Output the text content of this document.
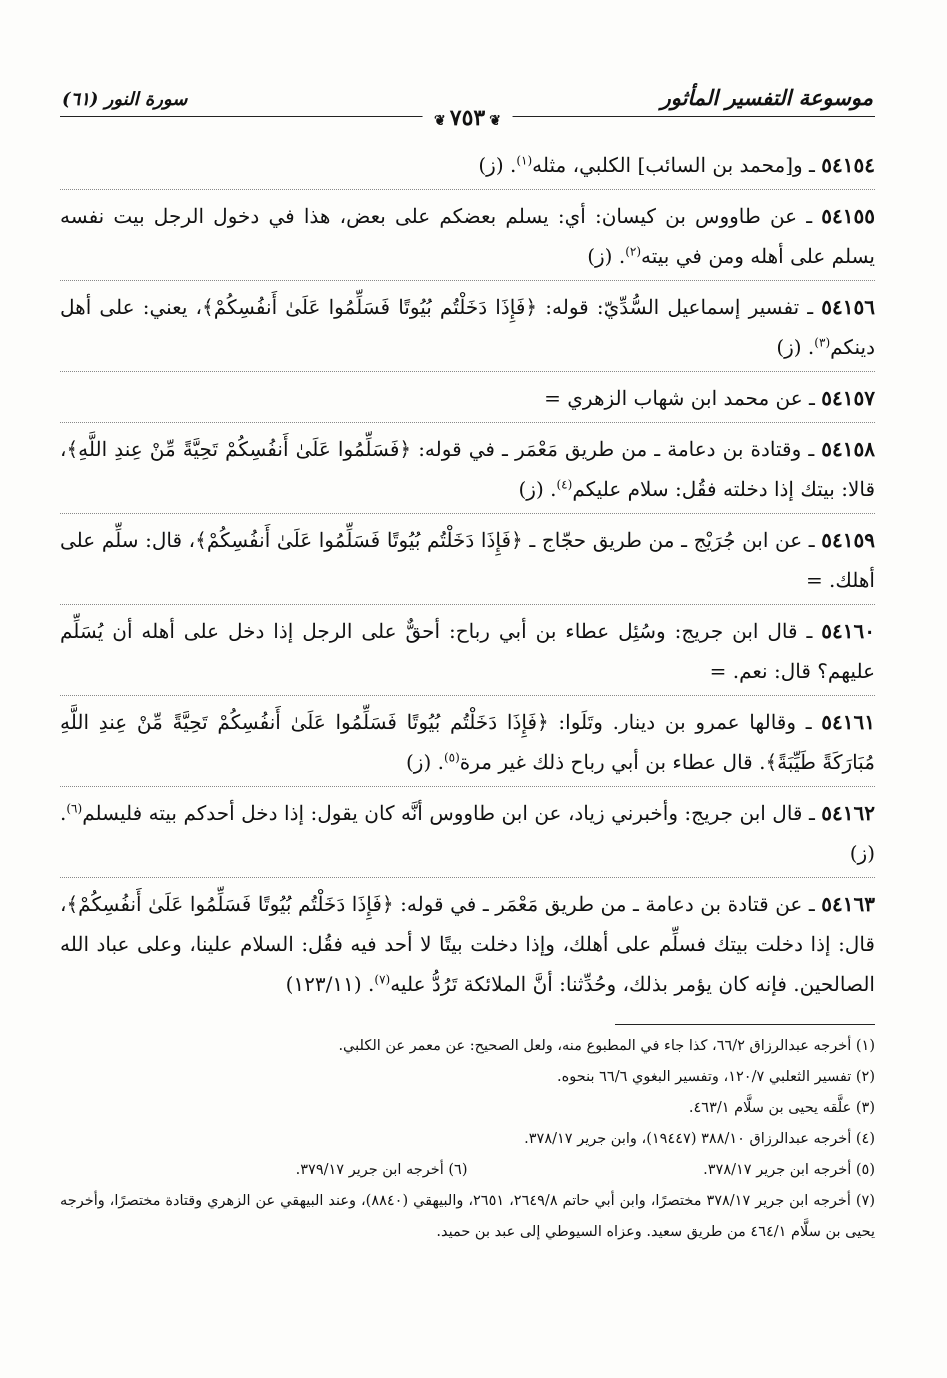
موسوعة التفسير المأثور
❦٧٥٣❦
سورة النور (٦١)
٥٤١٥٤ ـ و[محمد بن السائب] الكلبي، مثله$^{(١)}$. (ز)
٥٤١٥٥ ـ عن طاووس بن كيسان: أي: يسلم بعضكم على بعض، هذا في دخول الرجل بيت نفسه يسلم على أهله ومن في بيته$^{(٢)}$. (ز)
٥٤١٥٦ ـ تفسير إسماعيل السُّدِّيّ: قوله: ﴿فَإِذَا دَخَلْتُم بُيُوتًا فَسَلِّمُوا عَلَىٰ أَنفُسِكُمْ﴾، يعني: على أهل دينكم$^{(٣)}$. (ز)
٥٤١٥٧ ـ عن محمد ابن شهاب الزهري =
٥٤١٥٨ ـ وقتادة بن دعامة ـ من طريق مَعْمَر ـ في قوله: ﴿فَسَلِّمُوا عَلَىٰ أَنفُسِكُمْ تَحِيَّةً مِّنْ عِندِ اللَّهِ﴾، قالا: بيتك إذا دخلته فقُل: سلام عليكم$^{(٤)}$. (ز)
٥٤١٥٩ ـ عن ابن جُرَيْج ـ من طريق حجّاج ـ ﴿فَإِذَا دَخَلْتُم بُيُوتًا فَسَلِّمُوا عَلَىٰ أَنفُسِكُمْ﴾، قال: سلِّم على أهلك. =
٥٤١٦٠ ـ قال ابن جريج: وسُئِل عطاء بن أبي رباح: أحقٌّ على الرجل إذا دخل على أهله أن يُسَلِّم عليهم؟ قال: نعم. =
٥٤١٦١ ـ وقالها عمرو بن دينار. وتَلَوا: ﴿فَإِذَا دَخَلْتُم بُيُوتًا فَسَلِّمُوا عَلَىٰ أَنفُسِكُمْ تَحِيَّةً مِّنْ عِندِ اللَّهِ مُبَارَكَةً طَيِّبَةً﴾. قال عطاء بن أبي رباح ذلك غير مرة$^{(٥)}$. (ز)
٥٤١٦٢ ـ قال ابن جريج: وأخبرني زياد، عن ابن طاووس أنَّه كان يقول: إذا دخل أحدكم بيته فليسلم$^{(٦)}$. (ز)
٥٤١٦٣ ـ عن قتادة بن دعامة ـ من طريق مَعْمَر ـ في قوله: ﴿فَإِذَا دَخَلْتُم بُيُوتًا فَسَلِّمُوا عَلَىٰ أَنفُسِكُمْ﴾، قال: إذا دخلت بيتك فسلِّم على أهلك، وإذا دخلت بيتًا لا أحد فيه فقُل: السلام علينا، وعلى عباد الله الصالحين. فإنه كان يؤمر بذلك، وحُدِّثنا: أنَّ الملائكة تَرُدُّ عليه$^{(٧)}$. (١٢٣/١١)
(١) أخرجه عبدالرزاق ٦٦/٢، كذا جاء في المطبوع منه، ولعل الصحيح: عن معمر عن الكلبي.
(٢) تفسير الثعلبي ١٢٠/٧، وتفسير البغوي ٦٦/٦ بنحوه.
(٣) علَّقه يحيى بن سلَّام ٤٦٣/١.
(٤) أخرجه عبدالرزاق ٣٨٨/١٠ (١٩٤٤٧)، وابن جرير ٣٧٨/١٧.
(٥) أخرجه ابن جرير ٣٧٨/١٧.
(٦) أخرجه ابن جرير ٣٧٩/١٧.
(٧) أخرجه ابن جرير ٣٧٨/١٧ مختصرًا، وابن أبي حاتم ٢٦٤٩/٨، ٢٦٥١، والبيهقي (٨٨٤٠)، وعند البيهقي عن الزهري وقتادة مختصرًا، وأخرجه يحيى بن سلَّام ٤٦٤/١ من طريق سعيد. وعزاه السيوطي إلى عبد بن حميد.
